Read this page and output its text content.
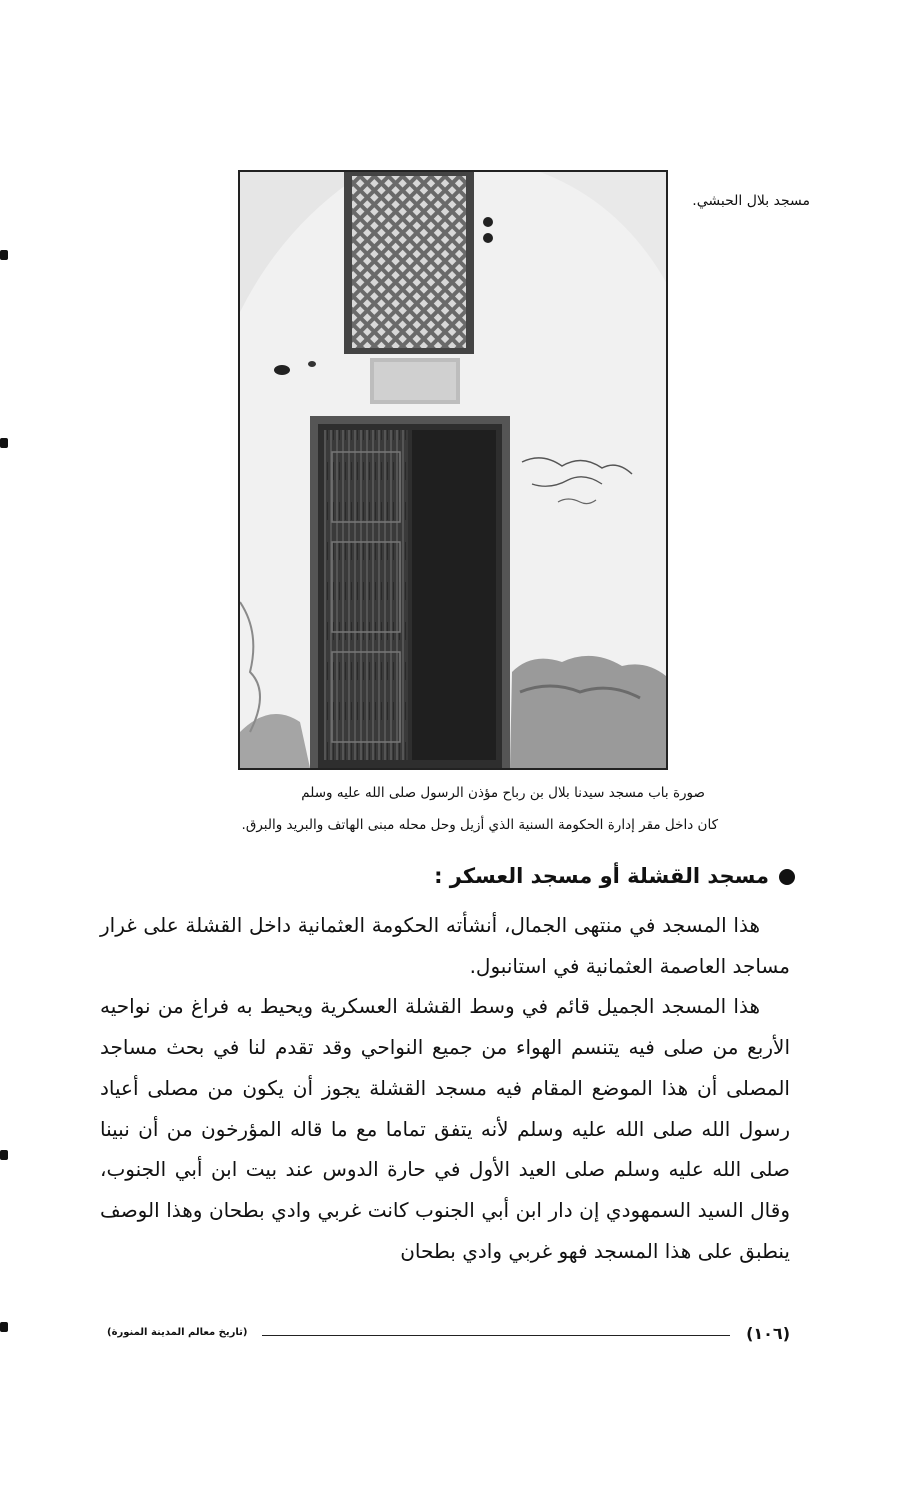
مسجد بلال الحبشي.
صورة باب مسجد سيدنا بلال بن رباح مؤذن الرسول صلى الله عليه وسلم
كان داخل مقر إدارة الحكومة السنية الذي أزيل وحل محله مبنى الهاتف والبريد والبرق.
مسجد القشلة أو مسجد العسكر :

هذا المسجد في منتهى الجمال، أنشأته الحكومة العثمانية داخل القشلة على غرار مساجد العاصمة العثمانية في استانبول.

هذا المسجد الجميل قائم في وسط القشلة العسكرية ويحيط به فراغ من نواحيه الأربع من صلى فيه يتنسم الهواء من جميع النواحي وقد تقدم لنا في بحث مساجد المصلى أن هذا الموضع المقام فيه مسجد القشلة يجوز أن يكون من مصلى أعياد رسول الله صلى الله عليه وسلم لأنه يتفق تماما مع ما قاله المؤرخون من أن نبينا صلى الله عليه وسلم صلى العيد الأول في حارة الدوس عند بيت ابن أبي الجنوب، وقال السيد السمهودي إن دار ابن أبي الجنوب كانت غربي وادي بطحان وهذا الوصف ينطبق على هذا المسجد فهو غربي وادي بطحان

(١٠٦)
(تاريخ معالم المدينة المنورة)
